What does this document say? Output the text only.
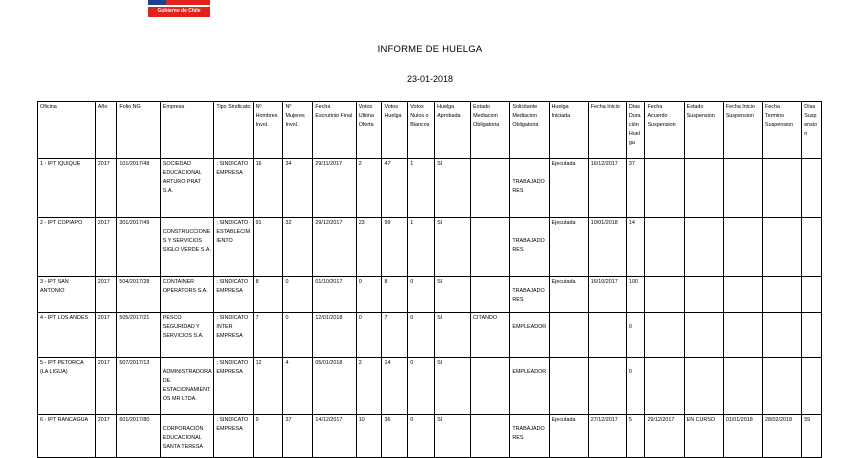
Gobierno de Chile
INFORME DE HUELGA
23-01-2018
Oficina	Año	Folio NG	Empresa	Tipo Sindicato	Nº Hombres Invol.	Nº Mujeres Invol.	Fecha Escrutinio Final	Votos Ultima Oferta	Votos Huelga	Votos Nulos o Blancos	Huelga Aprobada	Estado Mediacion Obligatoria	Solicitante Mediacion Obligatoria	Huelga Iniciada	Fecha Inicio	Días Duración Huelga	Fecha Acuerdo Suspension	Estado Suspension	Fecha Inicio Suspension	Fecha Termino Suspension	Días Suspension
1 - IPT IQUIQUE	2017	101/2017/48	SOCIEDAD EDUCACIONAL ARTURO PRAT S.A.	; SINDICATO EMPRESA	16	34	29/11/2017	2	47	1	SI		TRABAJADORES	Ejecutada	16/12/2017	37					
2 - IPT COPIAPO	2017	301/2017/49	CONSTRUCCIONES Y SERVICIOS SIGLO VERDE S.A.	; SINDICATO ESTABLECIMIENTO	91	32	29/12/2017	23	99	1	SI		TRABAJADORES	Ejecutada	10/01/2018	14					
3 - IPT SAN ANTONIO	2017	504/2017/28	CONTAINER OPERATORS S.A.	; SINDICATO EMPRESA	8	0	01/10/2017	0	8	0	SI		TRABAJADORES	Ejecutada	16/10/2017	100					
4 - IPT LOS ANDES	2017	505/2017/21	PESCO SEGURIDAD Y SERVICIOS S.A.	; SINDICATO INTER EMPRESA	7	0	12/01/2018	0	7	0	SI	CITANDO	EMPLEADOR			0					
5 - IPT PETORCA (LA LIGUA)	2017	507/2017/13	ADMINISTRADORA DE ESTACIONAMIENTOS MR LTDA.	; SINDICATO EMPRESA	12	4	05/01/2018	2	14	0	SI		EMPLEADOR			0					
6 - IPT RANCAGUA	2017	601/2017/80	CORPORACIÓN EDUCACIONAL SANTA TERESA	; SINDICATO EMPRESA	9	37	14/12/2017	10	36	0	SI		TRABAJADORES	Ejecutada	27/12/2017	5	29/12/2017	EN CURSO	01/01/2018	28/02/2018	59
